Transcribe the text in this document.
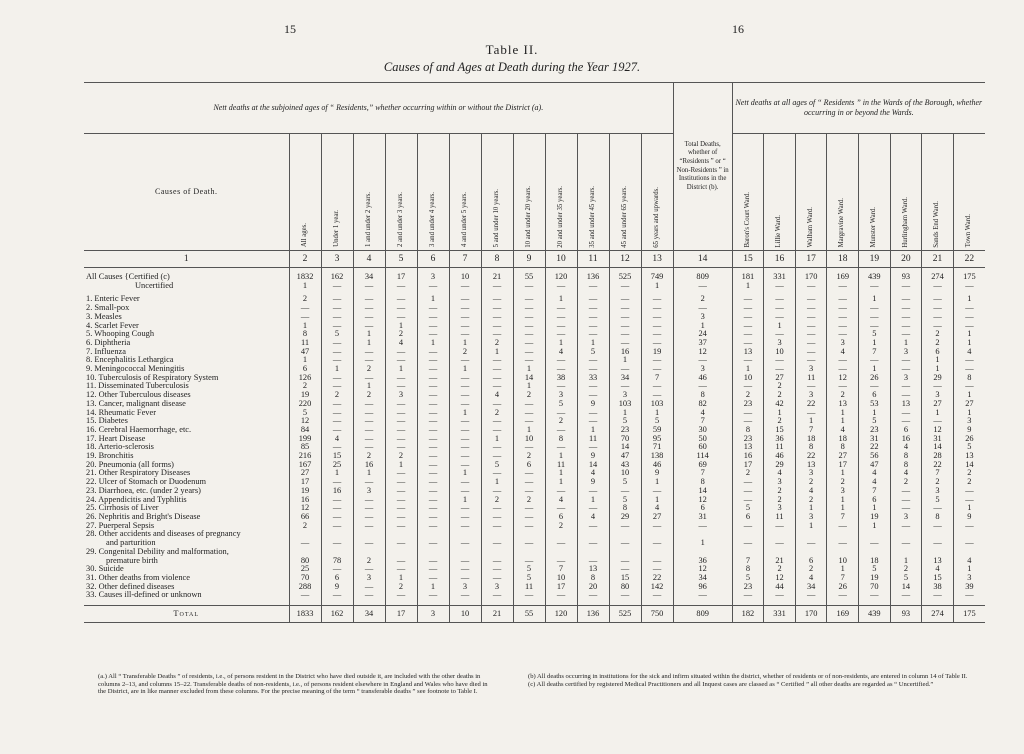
15	16
Table II.
Causes of and Ages at Death during the Year 1927.
Nett deaths at the subjoined ages of “ Residents,” whether occurring within or without the District (a).													Total Deaths, whether of “Residents ” or “ Non-Residents ” in Institutions in the District (b).	Nett deaths at all ages of “ Residents ” in the Wards of the Borough, whether occurring in or beyond the Wards.							
Causes of Death.	All ages.	Under 1 year.	1 and under 2 years.	2 and under 3 years.	3 and under 4 years.	4 and under 5 years.	5 and under 10 years.	10 and under 20 years.	20 and under 35 years.	35 and under 45 years.	45 and under 65 years.	65 years and upwards.		Baron's Court Ward.	Lillie Ward.	Walham Ward.	Margravine Ward.	Munster Ward.	Hurlingham Ward.	Sands End Ward.	Town Ward.
1	2	3	4	5	6	7	8	9	10	11	12	13	14	15	16	17	18	19	20	21	22

All Causes {Certified (c)	1832	162	34	17	3	10	21	55	120	136	525	749	809	181	331	170	169	439	93	274	175
Uncertified	1	—	—	—	—	—	—	—	—	—	—	1	—	1	—	—	—	—	—	—	—

1. Enteric Fever	2	—	—	—	1	—	—	—	1	—	—	—	2	—	—	—	—	1	—	—	1
2. Small-pox	—	—	—	—	—	—	—	—	—	—	—	—	—	—	—	—	—	—	—	—	—
3. Measles	—	—	—	—	—	—	—	—	—	—	—	—	3	—	—	—	—	—	—	—	—
4. Scarlet Fever	1	—	—	1	—	—	—	—	—	—	—	—	1	—	1	—	—	—	—	—	—
5. Whooping Cough	8	5	1	2	—	—	—	—	—	—	—	—	24	—	—	—	—	5	—	2	1
6. Diphtheria	11	—	1	4	1	1	2	—	1	1	—	—	37	—	3	—	3	1	1	2	1
7. Influenza	47	—	—	—	—	2	1	—	4	5	16	19	12	13	10	—	4	7	3	6	4
8. Encephalitis Lethargica	1	—	—	—	—	—	—	—	—	—	1	—	—	—	—	—	—	—	—	1	—
9. Meningococcal Meningitis	6	1	2	1	—	1	—	1	—	—	—	—	3	1	—	3	—	1	—	1	—
10. Tuberculosis of Respiratory System	126	—	—	—	—	—	—	14	38	33	34	7	46	10	27	11	12	26	3	29	8
11. Disseminated Tuberculosis	2	—	1	—	—	—	—	1	—	—	—	—	—	—	2	—	—	—	—	—	—
12. Other Tuberculous diseases	19	2	2	3	—	—	4	2	3	—	3	—	8	2	2	3	2	6	—	3	1
13. Cancer, malignant disease	220	—	—	—	—	—	—	—	5	9	103	103	82	23	42	22	13	53	13	27	27
14. Rheumatic Fever	5	—	—	—	—	1	2	—	—	—	1	1	4	—	1	—	1	1	—	1	1
15. Diabetes	12	—	—	—	—	—	—	—	2	—	5	5	7	—	2	1	1	5	—	—	3
16. Cerebral Haemorrhage, etc.	84	—	—	—	—	—	—	1	—	1	23	59	30	8	15	7	4	23	6	12	9
17. Heart Disease	199	4	—	—	—	—	1	10	8	11	70	95	50	23	36	18	18	31	16	31	26
18. Arterio-sclerosis	85	—	—	—	—	—	—	—	—	—	14	71	60	13	11	8	8	22	4	14	5
19. Bronchitis	216	15	2	2	—	—	—	2	1	9	47	138	114	16	46	22	27	56	8	28	13
20. Pneumonia (all forms)	167	25	16	1	—	—	5	6	11	14	43	46	69	17	29	13	17	47	8	22	14
21. Other Respiratory Diseases	27	1	1	—	—	1	—	—	1	4	10	9	7	2	4	3	1	4	4	7	2
22. Ulcer of Stomach or Duodenum	17	—	—	—	—	—	1	—	1	9	5	1	8	—	3	2	2	4	2	2	2
23. Diarrhoea, etc. (under 2 years)	19	16	3	—	—	—	—	—	—	—	—	—	14	—	2	4	3	7	—	3	—
24. Appendicitis and Typhlitis	16	—	—	—	—	1	2	2	4	1	5	1	12	—	2	2	1	6	—	5	—
25. Cirrhosis of Liver	12	—	—	—	—	—	—	—	—	—	8	4	6	5	3	1	1	1	—	—	1
26. Nephritis and Bright's Disease	66	—	—	—	—	—	—	—	6	4	29	27	31	6	11	3	7	19	3	8	9
27. Puerperal Sepsis	2	—	—	—	—	—	—	—	2	—	—	—	—	—	—	1	—	1	—	—	—
28. Other accidents and diseases of pregnancy																					
and parturition	—	—	—	—	—	—	—	—	—	—	—	—	1	—	—	—	—	—	—	—	—
29. Congenital Debility and malformation,																					
premature birth	80	78	2	—	—	—	—	—	—	—	—	—	36	7	21	6	10	18	1	13	4
30. Suicide	25	—	—	—	—	—	—	5	7	13	—	—	12	8	2	2	1	5	2	4	1
31. Other deaths from violence	70	6	3	1	—	—	—	5	10	8	15	22	34	5	12	4	7	19	5	15	3
32. Other defined diseases	288	9	—	2	1	3	3	11	17	20	80	142	96	23	44	34	26	70	14	38	39
33. Causes ill-defined or unknown	—	—	—	—	—	—	—	—	—	—	—	—	—	—	—	—	—	—	—	—	—

Total	1833	162	34	17	3	10	21	55	120	136	525	750	809	182	331	170	169	439	93	274	175
(a.) All “ Transferable Deaths ” of residents, i.e., of persons resident in the District who have died outside it, are included with the other deaths in columns 2–13, and columns 15–22. Transferable deaths of non-residents, i.e., of persons resident elsewhere in England and Wales who have died in the District, are in like manner excluded from these columns. For the precise meaning of the term “ transferable deaths ” see footnote to Table I.
(b) All deaths occurring in institutions for the sick and infirm situated within the district, whether of residents or of non-residents, are entered in column 14 of Table II.
(c) All deaths certified by registered Medical Practitioners and all Inquest cases are classed as “ Certified ” all other deaths are regarded as “ Uncertified.”
